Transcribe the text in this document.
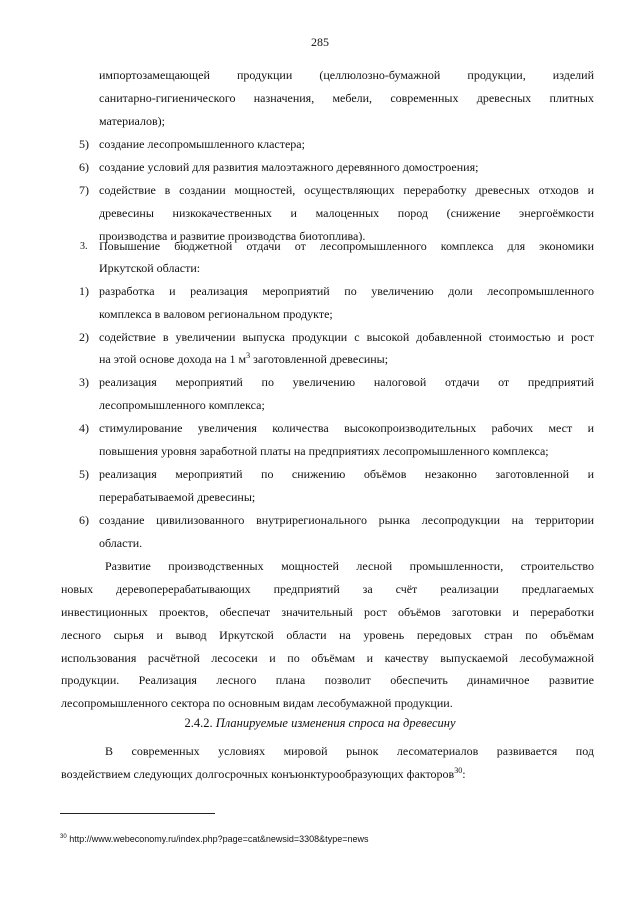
285
импортозамещающей продукции (целлюлозно-бумажной продукции, изделий
санитарно-гигиенического назначения, мебели, современных древесных плитных
материалов);
5) создание лесопромышленного кластера;
6) создание условий для развития малоэтажного деревянного домостроения;
7) содействие в создании мощностей, осуществляющих переработку древесных отходов и
древесины низкокачественных и малоценных пород (снижение энергоёмкости
производства и развитие производства биотоплива).
3. Повышение бюджетной отдачи от лесопромышленного комплекса для экономики
Иркутской области:
1) разработка и реализация мероприятий по увеличению доли лесопромышленного
комплекса в валовом региональном продукте;
2) содействие в увеличении выпуска продукции с высокой добавленной стоимостью и рост
на этой основе дохода на 1 $м^3$ заготовленной древесины;
3) реализация мероприятий по увеличению налоговой отдачи от предприятий
лесопромышленного комплекса;
4) стимулирование увеличения количества высокопроизводительных рабочих мест и
повышения уровня заработной платы на предприятиях лесопромышленного комплекса;
5) реализация мероприятий по снижению объёмов незаконно заготовленной и
перерабатываемой древесины;
6) создание цивилизованного внутрирегионального рынка лесопродукции на территории
области.
Развитие производственных мощностей лесной промышленности, строительство
новых деревоперерабатывающих предприятий за счёт реализации предлагаемых
инвестиционных проектов, обеспечат значительный рост объёмов заготовки и переработки
лесного сырья и вывод Иркутской области на уровень передовых стран по объёмам
использования расчётной лесосеки и по объёмам и качеству выпускаемой лесобумажной
продукции. Реализация лесного плана позволит обеспечить динамичное развитие
лесопромышленного сектора по основным видам лесобумажной продукции.
2.4.2. Планируемые изменения спроса на древесину
В современных условиях мировой рынок лесоматериалов развивается под
воздействием следующих долгосрочных конъюнктурообразующих факторов$^{30}$:
$^{30}$ http://www.webeconomy.ru/index.php?page=cat&newsid=3308&type=news
